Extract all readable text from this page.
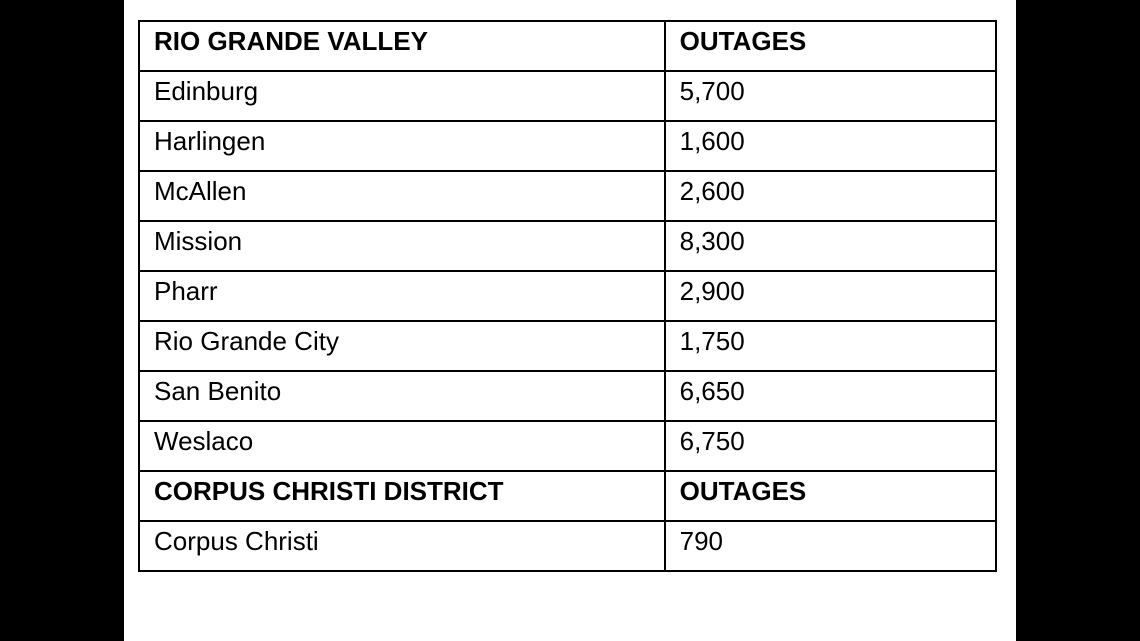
RIO GRANDE VALLEY	OUTAGES
Edinburg	5,700
Harlingen	1,600
McAllen	2,600
Mission	8,300
Pharr	2,900
Rio Grande City	1,750
San Benito	6,650
Weslaco	6,750
CORPUS CHRISTI DISTRICT	OUTAGES
Corpus Christi	790
